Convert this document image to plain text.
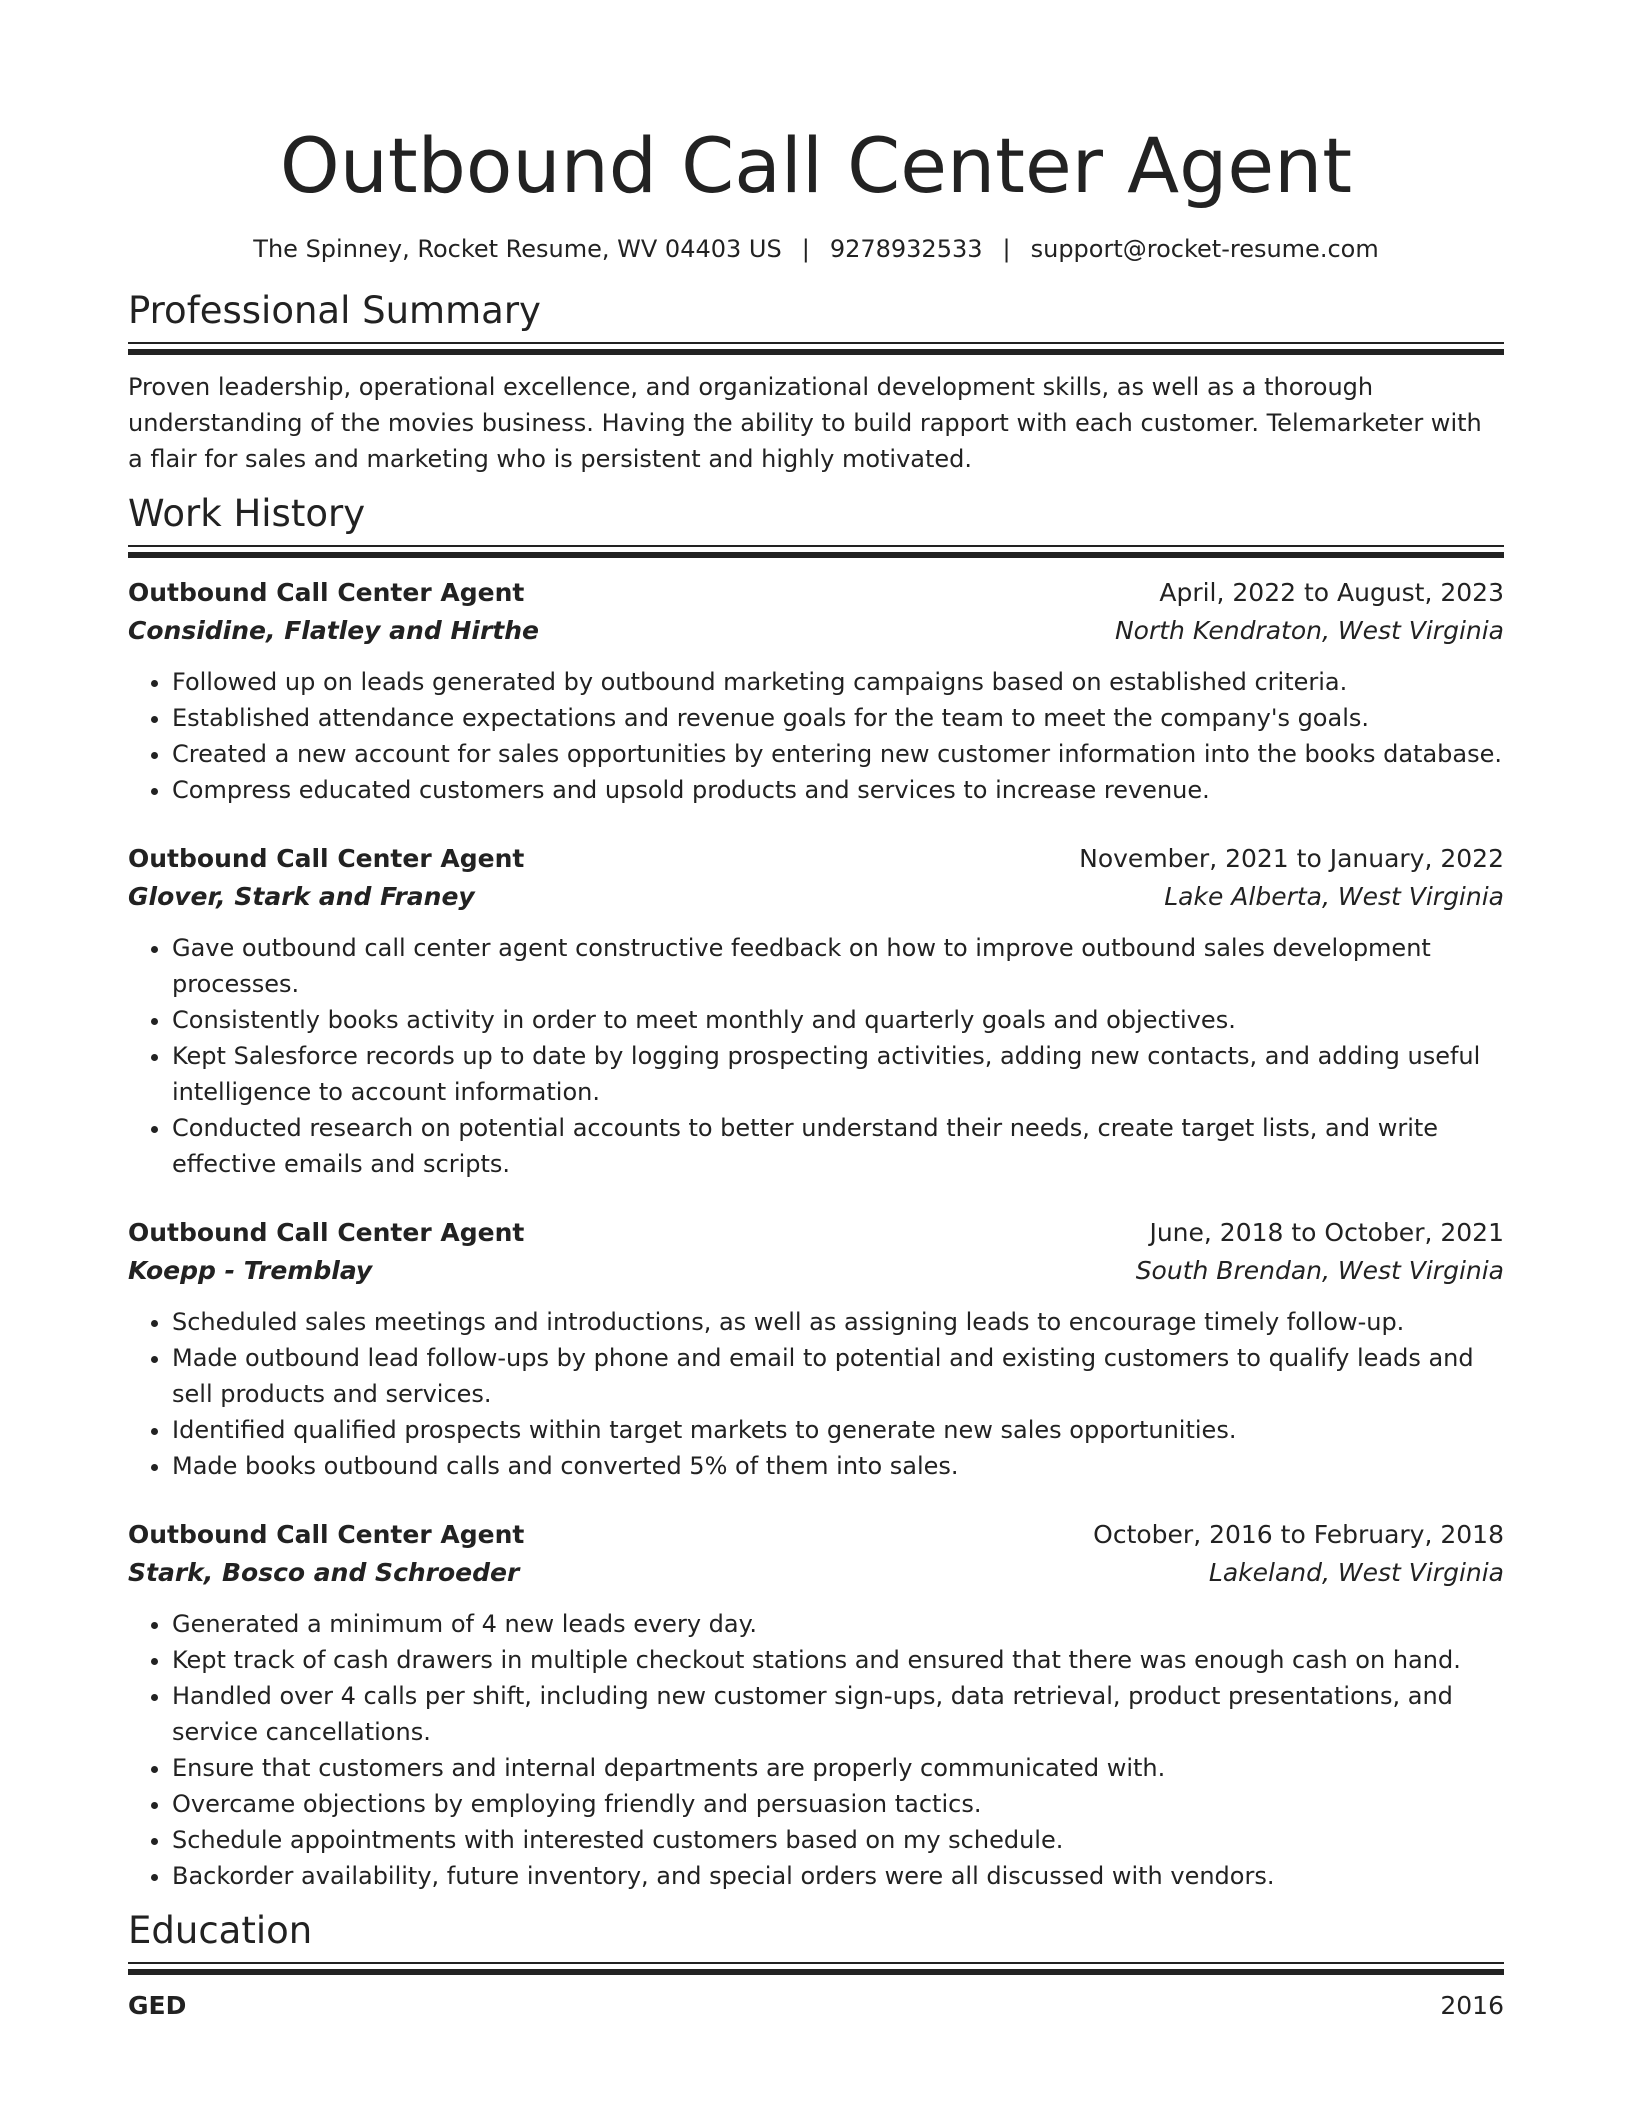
Outbound Call Center Agent
The Spinney, Rocket Resume, WV 04403 US | 9278932533 | support@rocket-resume.com
Professional Summary

Proven leadership, operational excellence, and organizational development skills, as well as a thorough understanding of the movies business. Having the ability to build rapport with each customer. Telemarketer with a flair for sales and marketing who is persistent and highly motivated.

Work History
Outbound Call Center Agent	April, 2022 to August, 2023
Considine, Flatley and Hirthe	North Kendraton, West Virginia
• Followed up on leads generated by outbound marketing campaigns based on established criteria.
• Established attendance expectations and revenue goals for the team to meet the company's goals.
• Created a new account for sales opportunities by entering new customer information into the books database.
• Compress educated customers and upsold products and services to increase revenue.
Outbound Call Center Agent	November, 2021 to January, 2022
Glover, Stark and Franey	Lake Alberta, West Virginia
• Gave outbound call center agent constructive feedback on how to improve outbound sales development processes.
• Consistently books activity in order to meet monthly and quarterly goals and objectives.
• Kept Salesforce records up to date by logging prospecting activities, adding new contacts, and adding useful intelligence to account information.
• Conducted research on potential accounts to better understand their needs, create target lists, and write effective emails and scripts.
Outbound Call Center Agent	June, 2018 to October, 2021
Koepp - Tremblay	South Brendan, West Virginia
• Scheduled sales meetings and introductions, as well as assigning leads to encourage timely follow-up.
• Made outbound lead follow-ups by phone and email to potential and existing customers to qualify leads and sell products and services.
• Identified qualified prospects within target markets to generate new sales opportunities.
• Made books outbound calls and converted 5% of them into sales.
Outbound Call Center Agent	October, 2016 to February, 2018
Stark, Bosco and Schroeder	Lakeland, West Virginia
• Generated a minimum of 4 new leads every day.
• Kept track of cash drawers in multiple checkout stations and ensured that there was enough cash on hand.
• Handled over 4 calls per shift, including new customer sign-ups, data retrieval, product presentations, and service cancellations.
• Ensure that customers and internal departments are properly communicated with.
• Overcame objections by employing friendly and persuasion tactics.
• Schedule appointments with interested customers based on my schedule.
• Backorder availability, future inventory, and special orders were all discussed with vendors.
Education
GED	2016
